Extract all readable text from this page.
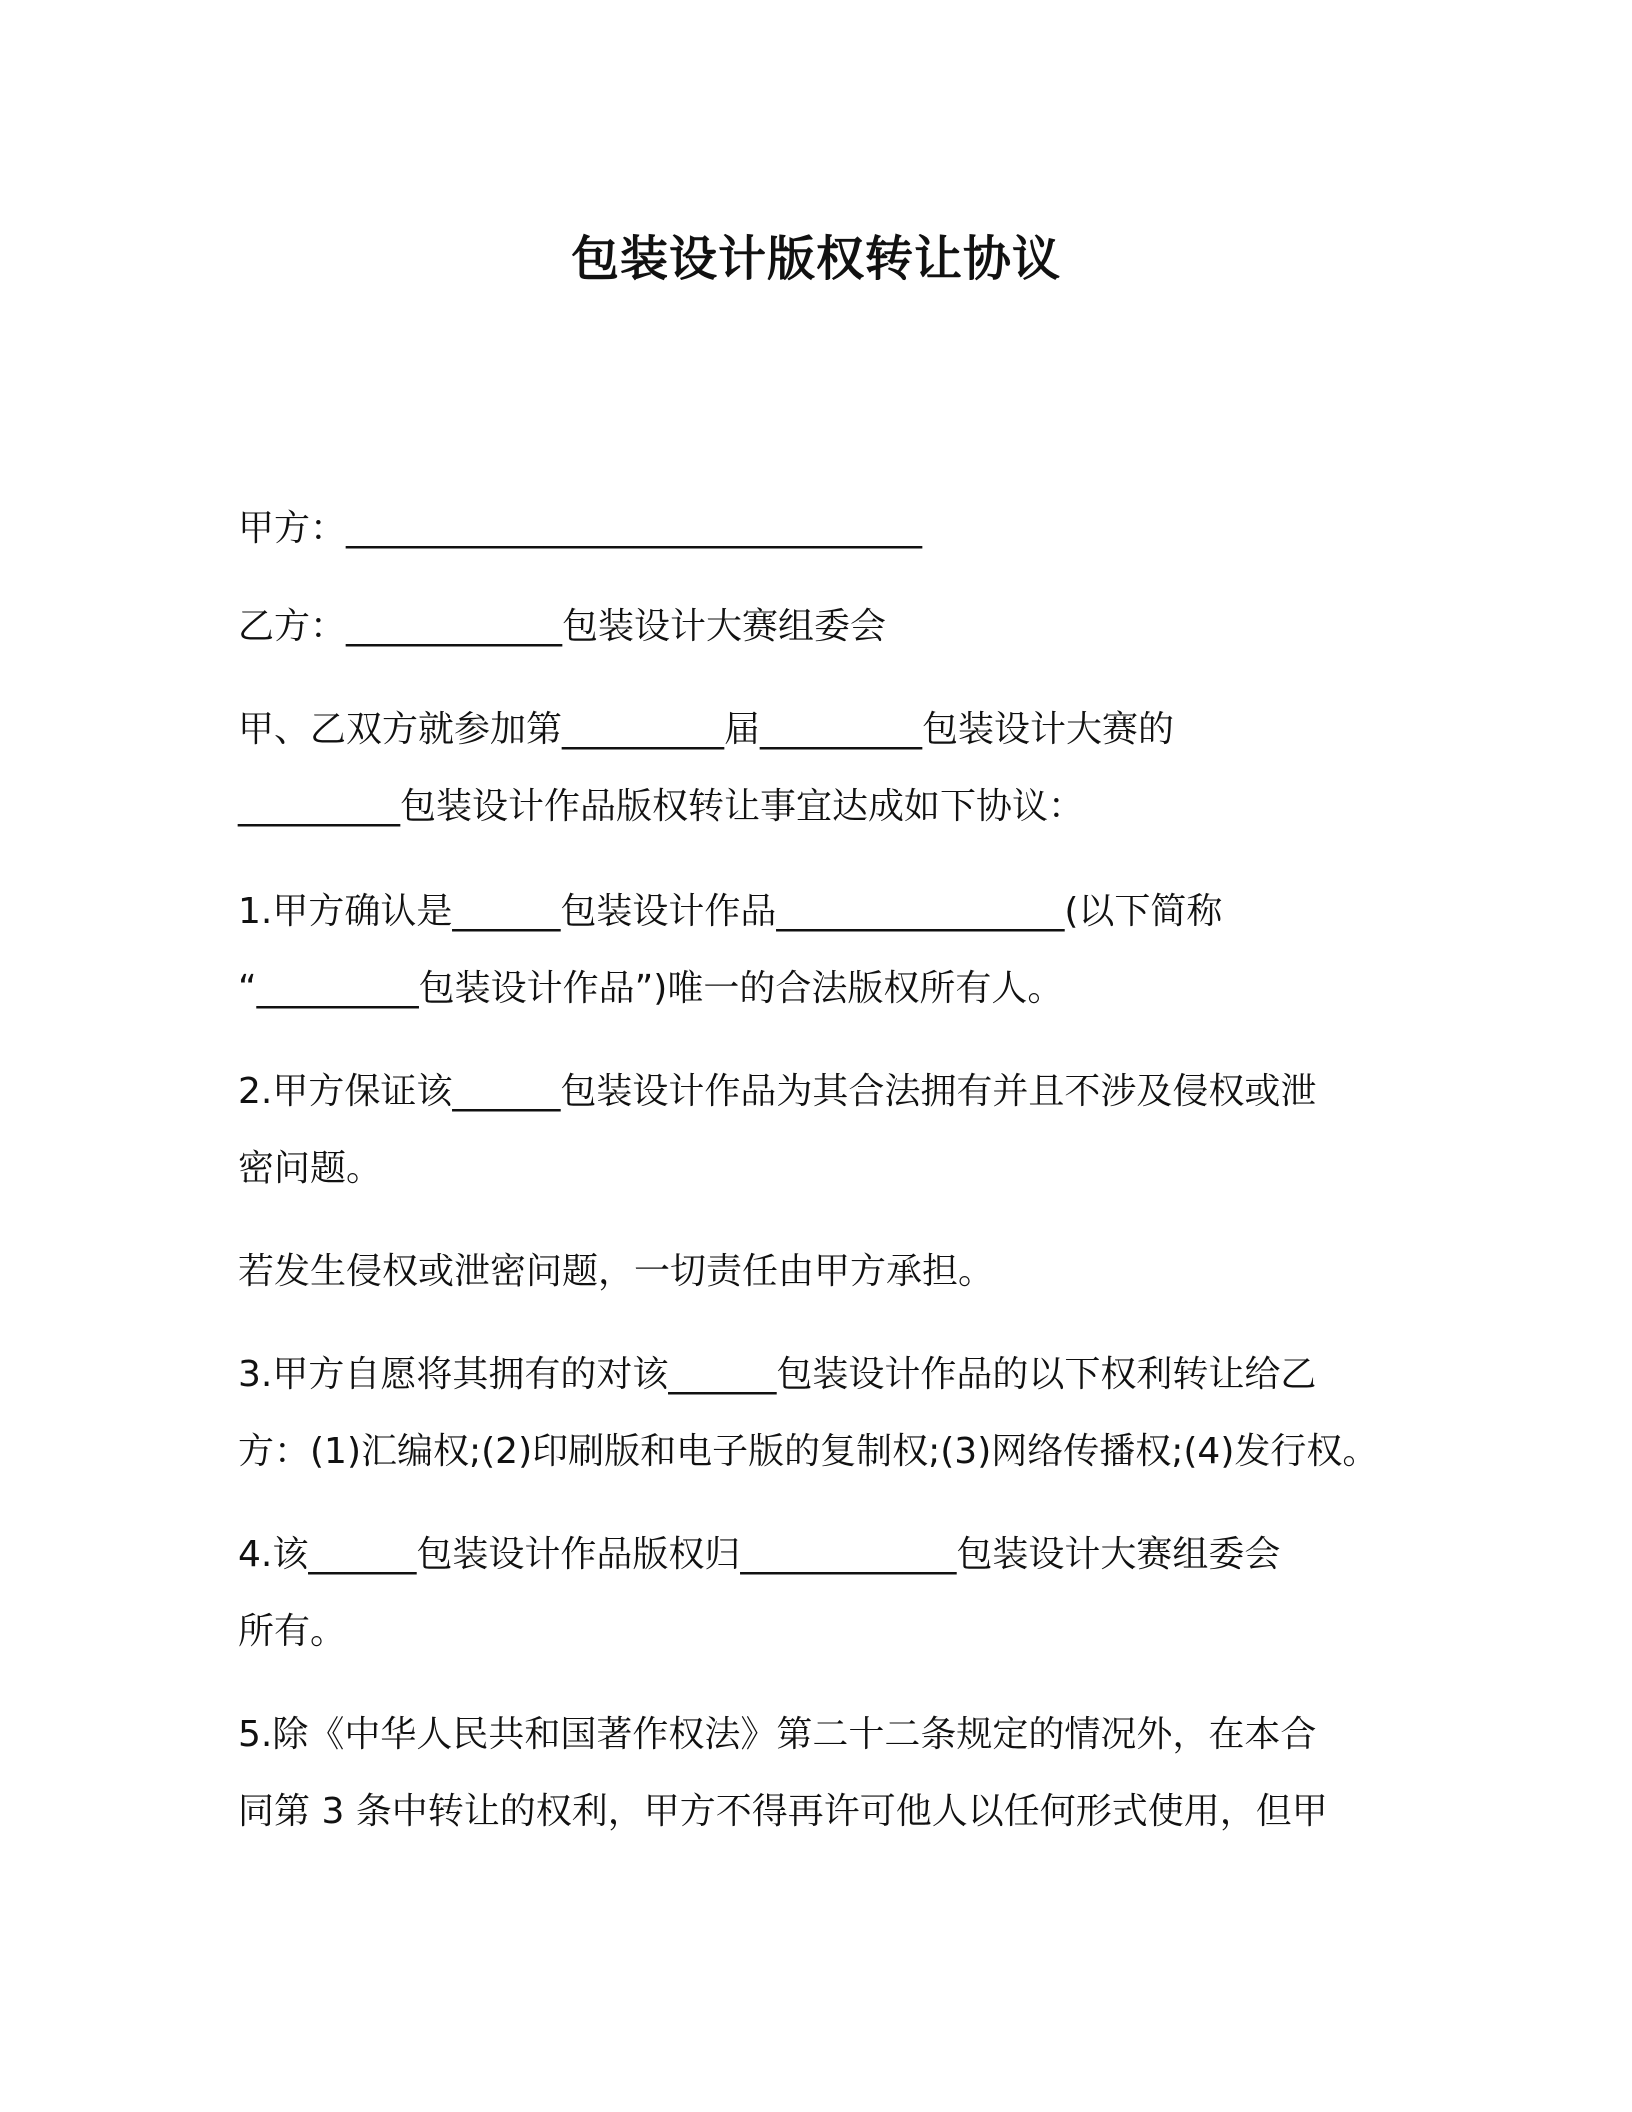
包装设计版权转让协议
甲方：________________________________
乙方：____________包装设计大赛组委会
甲、乙双方就参加第_________届_________包装设计大赛的
_________包装设计作品版权转让事宜达成如下协议：
1.甲方确认是______包装设计作品________________(以下简称
“_________包装设计作品”)唯一的合法版权所有人。
2.甲方保证该______包装设计作品为其合法拥有并且不涉及侵权或泄
密问题。
若发生侵权或泄密问题，一切责任由甲方承担。
3.甲方自愿将其拥有的对该______包装设计作品的以下权利转让给乙
方：(1)汇编权;(2)印刷版和电子版的复制权;(3)网络传播权;(4)发行权。
4.该______包装设计作品版权归____________包装设计大赛组委会
所有。
5.除《中华人民共和国著作权法》第二十二条规定的情况外，在本合
同第 3 条中转让的权利，甲方不得再许可他人以任何形式使用，但甲
